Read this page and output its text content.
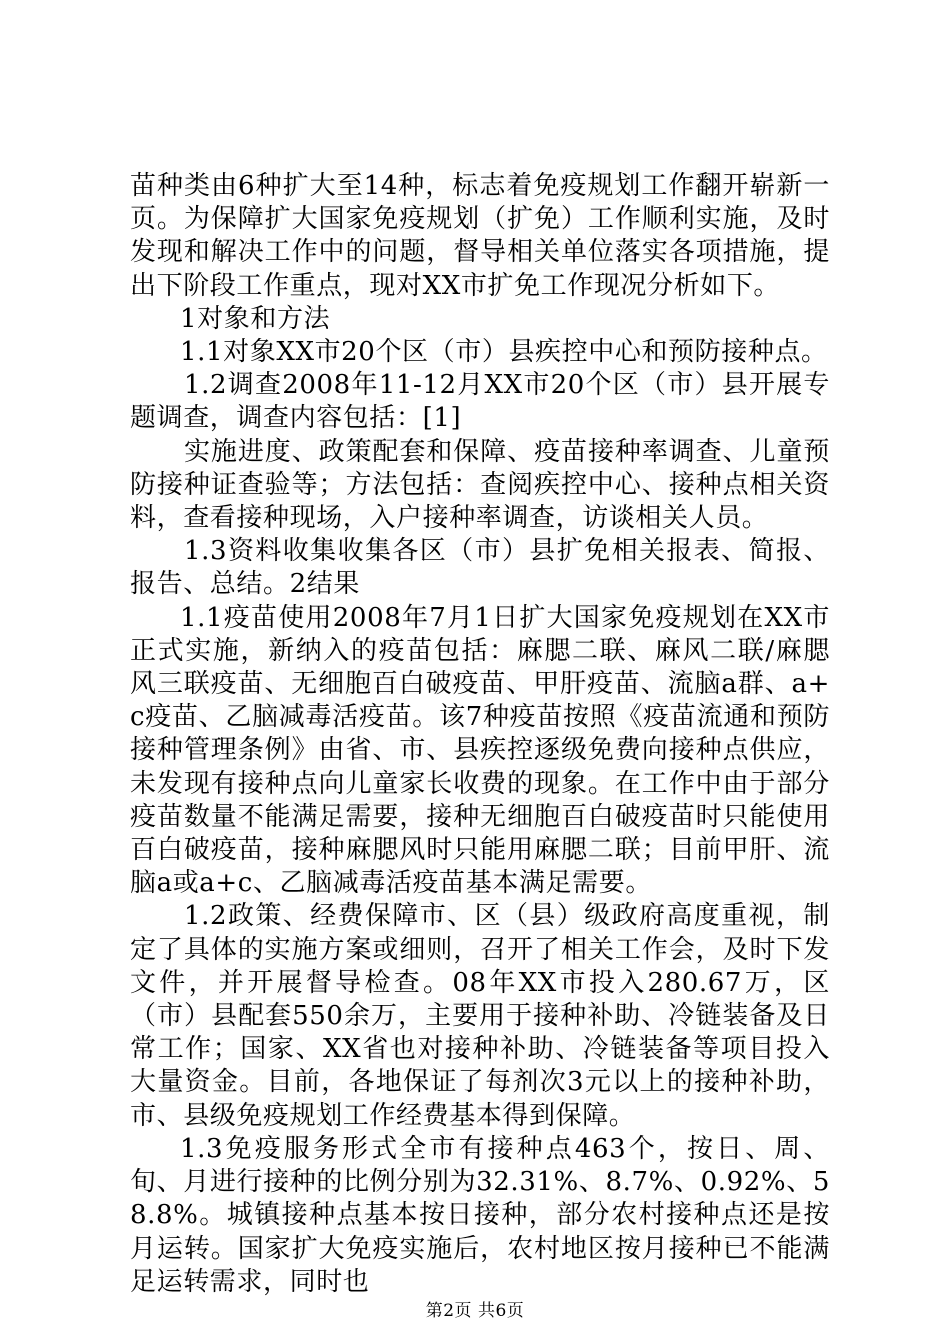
苗种类由6种扩大至14种，标志着免疫规划工作翻开崭新一页。为保障扩大国家免疫规划（扩免）工作顺利实施，及时发现和解决工作中的问题，督导相关单位落实各项措施，提出下阶段工作重点，现对XX市扩免工作现况分析如下。

1对象和方法

1.1对象XX市20个区（市）县疾控中心和预防接种点。

1.2调查2008年11-12月XX市20个区（市）县开展专题调查，调查内容包括：[1]

实施进度、政策配套和保障、疫苗接种率调查、儿童预防接种证查验等；方法包括：查阅疾控中心、接种点相关资料，查看接种现场，入户接种率调查，访谈相关人员。

1.3资料收集收集各区（市）县扩免相关报表、简报、报告、总结。2结果

1.1疫苗使用2008年7月1日扩大国家免疫规划在XX市正式实施，新纳入的疫苗包括：麻腮二联、麻风二联/麻腮风三联疫苗、无细胞百白破疫苗、甲肝疫苗、流脑a群、a+c疫苗、乙脑减毒活疫苗。该7种疫苗按照《疫苗流通和预防接种管理条例》由省、市、县疾控逐级免费向接种点供应，未发现有接种点向儿童家长收费的现象。在工作中由于部分疫苗数量不能满足需要，接种无细胞百白破疫苗时只能使用百白破疫苗，接种麻腮风时只能用麻腮二联；目前甲肝、流脑a或a+c、乙脑减毒活疫苗基本满足需要。

1.2政策、经费保障市、区（县）级政府高度重视，制定了具体的实施方案或细则，召开了相关工作会，及时下发文件，并开展督导检查。08年XX市投入280.67万，区（市）县配套550余万，主要用于接种补助、冷链装备及日常工作；国家、XX省也对接种补助、冷链装备等项目投入大量资金。目前，各地保证了每剂次3元以上的接种补助，市、县级免疫规划工作经费基本得到保障。

1.3免疫服务形式全市有接种点463个，按日、周、旬、月进行接种的比例分别为32.31%、8.7%、0.92%、58.8%。城镇接种点基本按日接种，部分农村接种点还是按月运转。国家扩大免疫实施后，农村地区按月接种已不能满足运转需求，同时也

第2页 共6页
